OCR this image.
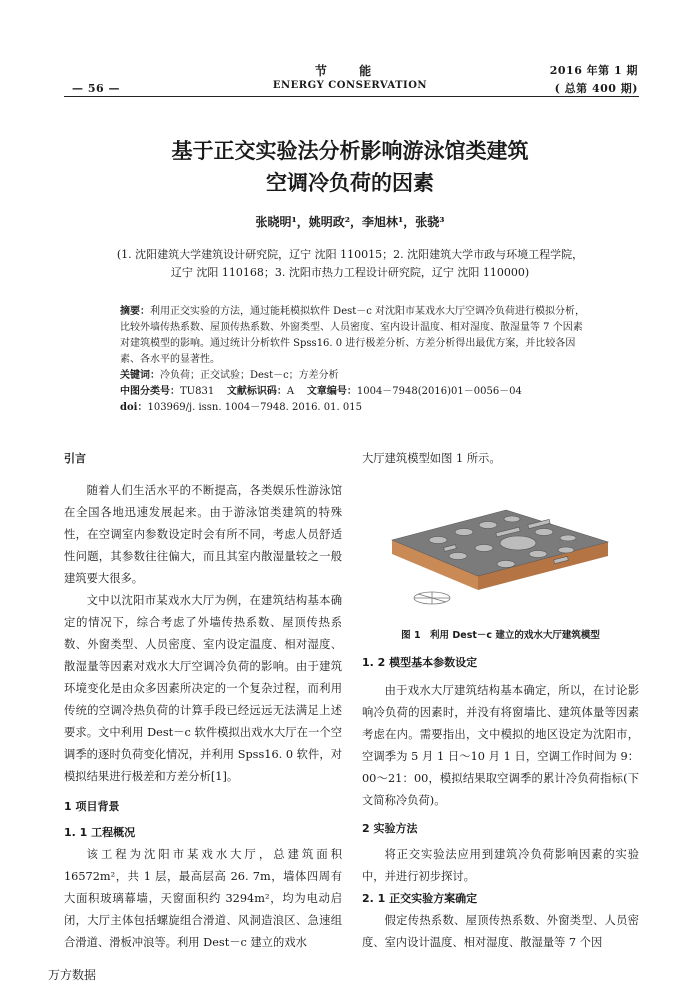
节 能
ENERGY CONSERVATION
— 56 —
2016 年第 1 期
( 总第 400 期)
基于正交实验法分析影响游泳馆类建筑
空调冷负荷的因素
张晓明¹，姚明政²，李旭林¹，张骁³
(1. 沈阳建筑大学建筑设计研究院，辽宁 沈阳 110015；2. 沈阳建筑大学市政与环境工程学院，
辽宁 沈阳 110168；3. 沈阳市热力工程设计研究院，辽宁 沈阳 110000)

摘要：利用正交实验的方法，通过能耗模拟软件 Dest－c 对沈阳市某戏水大厅空调冷负荷进行模拟分析，比较外墙传热系数、屋顶传热系数、外窗类型、人员密度、室内设计温度、相对湿度、散湿量等 7 个因素对建筑模型的影响。通过统计分析软件 Spss16. 0 进行极差分析、方差分析得出最优方案，并比较各因素、各水平的显著性。

关键词：冷负荷；正交试验；Dest－c；方差分析

中图分类号：TU831 文献标识码：A 文章编号：1004－7948(2016)01－0056－04

doi：103969/j. issn. 1004－7948. 2016. 01. 015

引言

随着人们生活水平的不断提高，各类娱乐性游泳馆在全国各地迅速发展起来。由于游泳馆类建筑的特殊性，在空调室内参数设定时会有所不同，考虑人员舒适性问题，其参数往往偏大，而且其室内散湿量较之一般建筑要大很多。

文中以沈阳市某戏水大厅为例，在建筑结构基本确定的情况下，综合考虑了外墙传热系数、屋顶传热系数、外窗类型、人员密度、室内设定温度、相对湿度、散湿量等因素对戏水大厅空调冷负荷的影响。由于建筑环境变化是由众多因素所决定的一个复杂过程，而利用传统的空调冷热负荷的计算手段已经远远无法满足上述要求。文中利用 Dest－c 软件模拟出戏水大厅在一个空调季的逐时负荷变化情况，并利用 Spss16. 0 软件，对模拟结果进行极差和方差分析[1]。

1 项目背景

1. 1 工程概况

该工程为沈阳市某戏水大厅，总建筑面积 16572m²，共 1 层，最高层高 26. 7m，墙体四周有大面积玻璃幕墙，天窗面积约 3294m²，均为电动启闭，大厅主体包括螺旋组合滑道、风洞造浪区、急速组合滑道、滑板冲浪等。利用 Dest－c 建立的戏水

大厅建筑模型如图 1 所示。

图 1　利用 Dest－c 建立的戏水大厅建筑模型

1. 2 模型基本参数设定

由于戏水大厅建筑结构基本确定，所以，在讨论影响冷负荷的因素时，并没有将窗墙比、建筑体量等因素考虑在内。需要指出，文中模拟的地区设定为沈阳市，空调季为 5 月 1 日～10 月 1 日，空调工作时间为 9：00～21：00，模拟结果取空调季的累计冷负荷指标(下文简称冷负荷)。

2 实验方法

将正交实验法应用到建筑冷负荷影响因素的实验中，并进行初步探讨。

2. 1 正交实验方案确定

假定传热系数、屋顶传热系数、外窗类型、人员密度、室内设计温度、相对湿度、散湿量等 7 个因

万方数据
